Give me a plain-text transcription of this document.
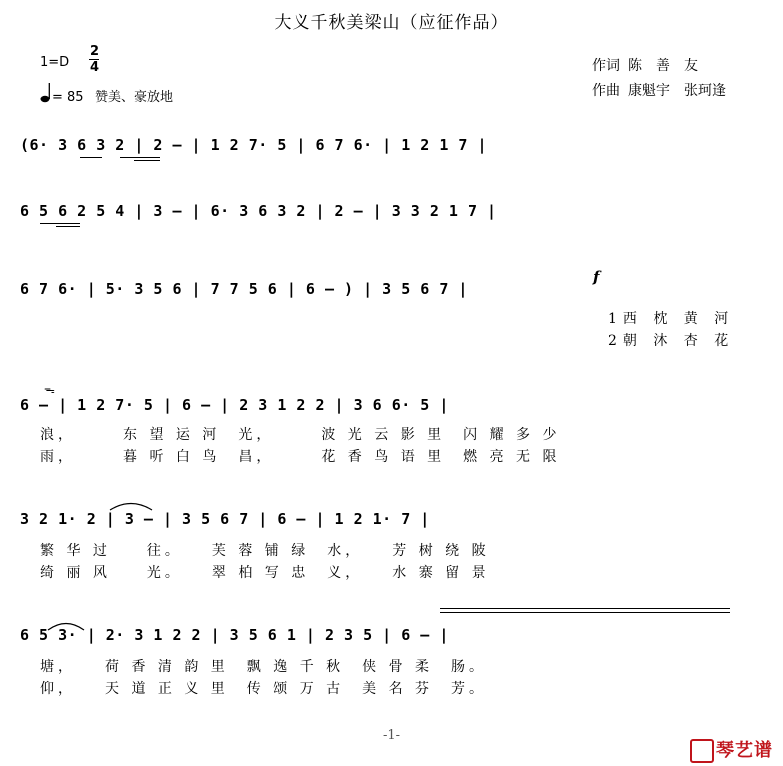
大义千秋美梁山（应征作品）
1=D
2
4
= 85 赞美、豪放地
作词 陈　善　友
作曲 康魁宇　张珂逢
(6· 3 6 3 2 | 2 – | 1 2 7· 5 | 6 7 6· | 1 2 1 7 |
6 5 6 2 5 4 | 3 – | 6· 3 6 3 2 | 2 – | 3 3 2 1 7 |
6 7 6· | 5· 3 5 6 | 7 7 5 6 | 6 – ) | 3 5 6 7 |
f
1西 枕 黄 河
2朝 沐 杏 花
6 – | 1 2 7· 5 | 6 – | 2 3 1 2 2 | 3 6 6· 5 |
ᯓ
浪，　　　东 望 运 河　光，　　　波 光 云 影 里　闪 耀 多 少
雨，　　　暮 听 白 鸟　昌，　　　花 香 鸟 语 里　燃 亮 无 限
3 2 1· 2 | 3 – | 3 5 6 7 | 6 – | 1 2 1· 7 |
繁 华 过　　往。　　芙 蓉 铺 绿　水，　　芳 树 绕 陂
绮 丽 风　　光。　　翠 柏 写 忠　义，　　水 寨 留 景
6 5 3· | 2· 3 1 2 2 | 3 5 6 1 | 2 3 5 | 6 – |
塘，　　荷 香 清 韵 里　飘 逸 千 秋　侠 骨 柔　肠。
仰，　　天 道 正 义 里　传 颂 万 古　美 名 芬　芳。
-1-
琴艺谱
